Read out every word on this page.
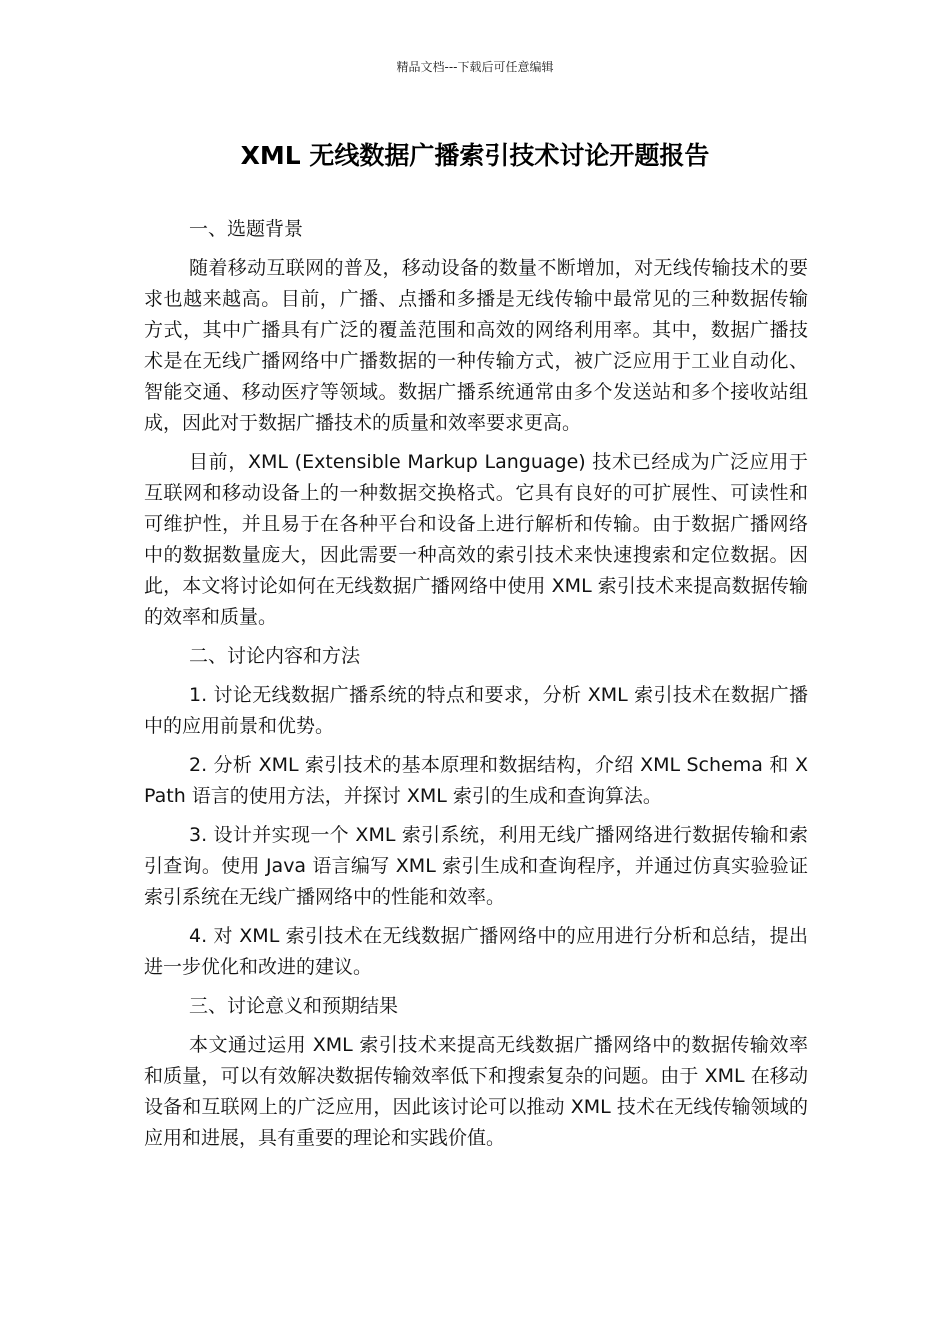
精品文档---下载后可任意编辑
XML 无线数据广播索引技术讨论开题报告

一、选题背景

随着移动互联网的普及，移动设备的数量不断增加，对无线传输技术的要求也越来越高。目前，广播、点播和多播是无线传输中最常见的三种数据传输方式，其中广播具有广泛的覆盖范围和高效的网络利用率。其中，数据广播技术是在无线广播网络中广播数据的一种传输方式，被广泛应用于工业自动化、智能交通、移动医疗等领域。数据广播系统通常由多个发送站和多个接收站组成，因此对于数据广播技术的质量和效率要求更高。

目前，XML (Extensible Markup Language) 技术已经成为广泛应用于互联网和移动设备上的一种数据交换格式。它具有良好的可扩展性、可读性和可维护性，并且易于在各种平台和设备上进行解析和传输。由于数据广播网络中的数据数量庞大，因此需要一种高效的索引技术来快速搜索和定位数据。因此，本文将讨论如何在无线数据广播网络中使用 XML 索引技术来提高数据传输的效率和质量。

二、讨论内容和方法

1. 讨论无线数据广播系统的特点和要求，分析 XML 索引技术在数据广播中的应用前景和优势。

2. 分析 XML 索引技术的基本原理和数据结构，介绍 XML Schema 和 XPath 语言的使用方法，并探讨 XML 索引的生成和查询算法。

3. 设计并实现一个 XML 索引系统，利用无线广播网络进行数据传输和索引查询。使用 Java 语言编写 XML 索引生成和查询程序，并通过仿真实验验证索引系统在无线广播网络中的性能和效率。

4. 对 XML 索引技术在无线数据广播网络中的应用进行分析和总结，提出进一步优化和改进的建议。

三、讨论意义和预期结果

本文通过运用 XML 索引技术来提高无线数据广播网络中的数据传输效率和质量，可以有效解决数据传输效率低下和搜索复杂的问题。由于 XML 在移动设备和互联网上的广泛应用，因此该讨论可以推动 XML 技术在无线传输领域的应用和进展，具有重要的理论和实践价值。
